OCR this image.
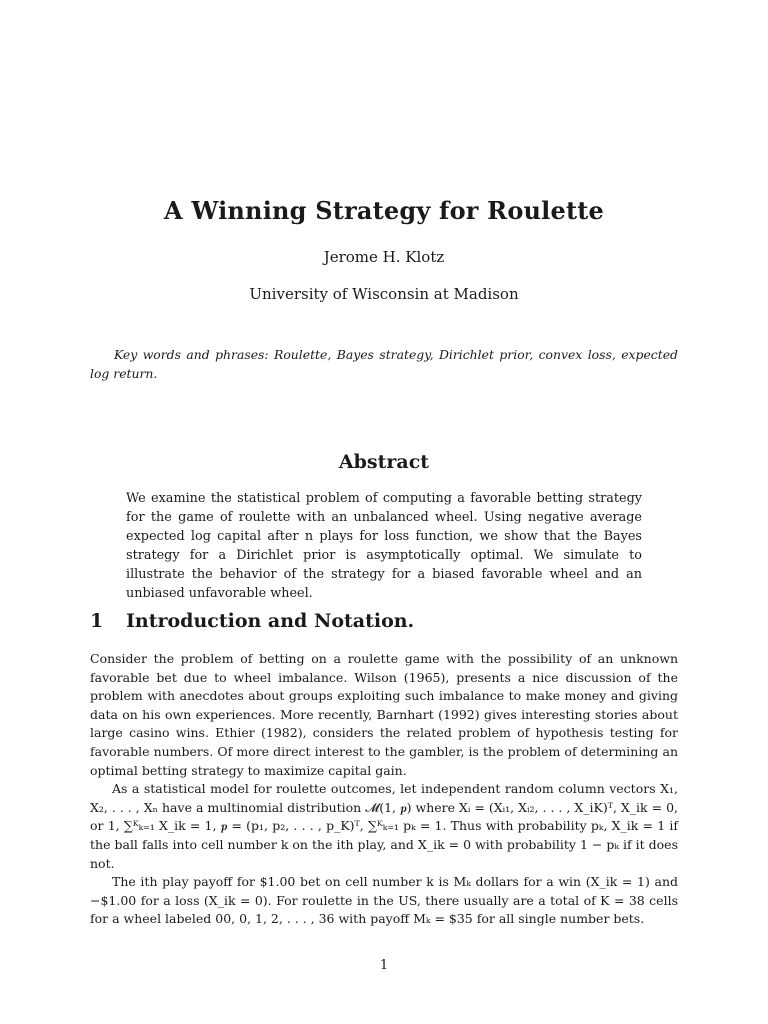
A Winning Strategy for Roulette
Jerome H. Klotz
University of Wisconsin at Madison
Key words and phrases: Roulette, Bayes strategy, Dirichlet prior, convex loss, expected log return.
Abstract
We examine the statistical problem of computing a favorable betting strategy for the game of roulette with an unbalanced wheel. Using negative average expected log capital after n plays for loss function, we show that the Bayes strategy for a Dirichlet prior is asymptotically optimal. We simulate to illustrate the behavior of the strategy for a biased favorable wheel and an unbiased unfavorable wheel.
1 Introduction and Notation.

Consider the problem of betting on a roulette game with the possibility of an unknown favorable bet due to wheel imbalance. Wilson (1965), presents a nice discussion of the problem with anecdotes about groups exploiting such imbalance to make money and giving data on his own experiences. More recently, Barnhart (1992) gives interesting stories about large casino wins. Ethier (1982), considers the related problem of hypothesis testing for favorable numbers. Of more direct interest to the gambler, is the problem of determining an optimal betting strategy to maximize capital gain.

As a statistical model for roulette outcomes, let independent random column vectors X₁, X₂, . . . , Xₙ have a multinomial distribution 𝓜(1, 𝒑) where Xᵢ = (Xᵢ₁, Xᵢ₂, . . . , X_iK)ᵀ, X_ik = 0, or 1, ∑ᴷₖ₌₁ X_ik = 1, 𝒑 = (p₁, p₂, . . . , p_K)ᵀ, ∑ᴷₖ₌₁ pₖ = 1. Thus with probability pₖ, X_ik = 1 if the ball falls into cell number k on the ith play, and X_ik = 0 with probability 1 − pₖ if it does not.

The ith play payoff for $1.00 bet on cell number k is Mₖ dollars for a win (X_ik = 1) and −$1.00 for a loss (X_ik = 0). For roulette in the US, there usually are a total of K = 38 cells for a wheel labeled 00, 0, 1, 2, . . . , 36 with payoff Mₖ = $35 for all single number bets.

1
